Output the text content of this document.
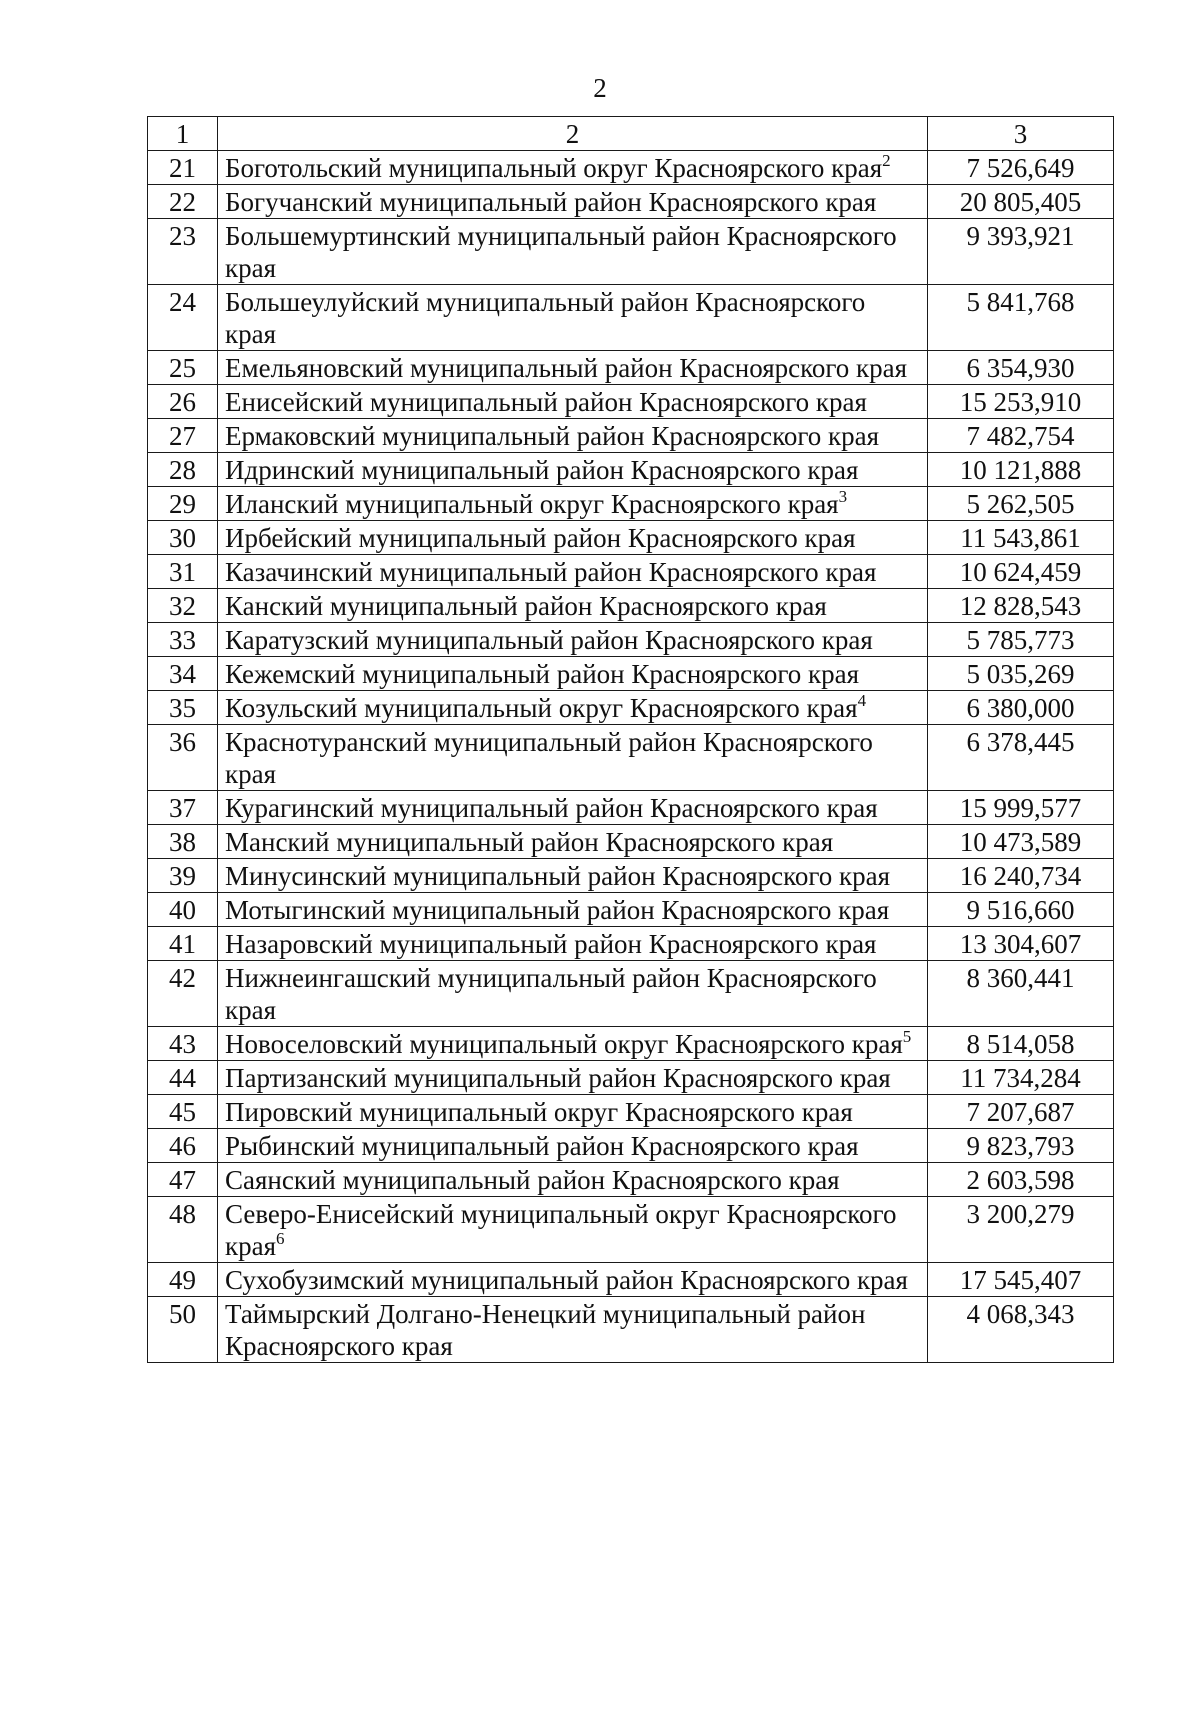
2
1	2	3
21	Боготольский муниципальный округ Красноярского края$^2$	7 526,649
22	Богучанский муниципальный район Красноярского края	20 805,405
23	Большемуртинский муниципальный район Красноярского края	9 393,921
24	Большеулуйский муниципальный район Красноярского края	5 841,768
25	Емельяновский муниципальный район Красноярского края	6 354,930
26	Енисейский муниципальный район Красноярского края	15 253,910
27	Ермаковский муниципальный район Красноярского края	7 482,754
28	Идринский муниципальный район Красноярского края	10 121,888
29	Иланский муниципальный округ Красноярского края$^3$	5 262,505
30	Ирбейский муниципальный район Красноярского края	11 543,861
31	Казачинский муниципальный район Красноярского края	10 624,459
32	Канский муниципальный район Красноярского края	12 828,543
33	Каратузский муниципальный район Красноярского края	5 785,773
34	Кежемский муниципальный район Красноярского края	5 035,269
35	Козульский муниципальный округ Красноярского края$^4$	6 380,000
36	Краснотуранский муниципальный район Красноярского края	6 378,445
37	Курагинский муниципальный район Красноярского края	15 999,577
38	Манский муниципальный район Красноярского края	10 473,589
39	Минусинский муниципальный район Красноярского края	16 240,734
40	Мотыгинский муниципальный район Красноярского края	9 516,660
41	Назаровский муниципальный район Красноярского края	13 304,607
42	Нижнеингашский муниципальный район Красноярского края	8 360,441
43	Новоселовский муниципальный округ Красноярского края$^5$	8 514,058
44	Партизанский муниципальный район Красноярского края	11 734,284
45	Пировский муниципальный округ Красноярского края	7 207,687
46	Рыбинский муниципальный район Красноярского края	9 823,793
47	Саянский муниципальный район Красноярского края	2 603,598
48	Северо-Енисейский муниципальный округ Красноярского края$^6$	3 200,279
49	Сухобузимский муниципальный район Красноярского края	17 545,407
50	Таймырский Долгано-Ненецкий муниципальный район Красноярского края	4 068,343
